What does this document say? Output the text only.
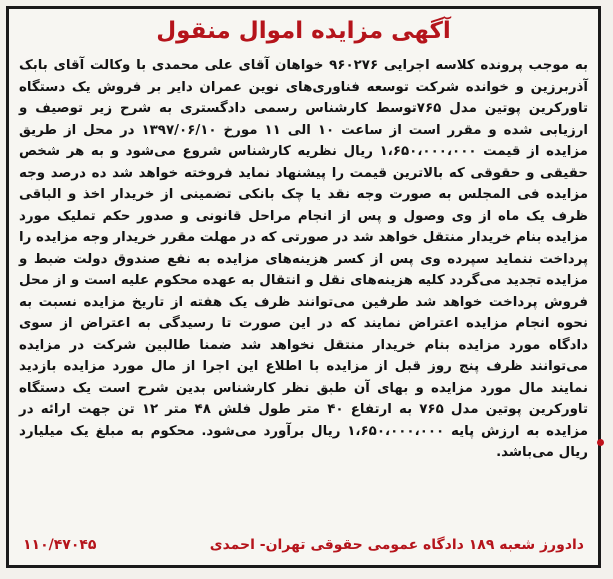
آگهی مزایده اموال منقول
به موجب پرونده کلاسه اجرایی ۹۶۰۲۷۶ خواهان آقای علی محمدی با وکالت آقای بابک آذربرزین و خوانده شرکت توسعه فناوری‌های نوین عمران دایر بر فروش یک دستگاه تاورکرین پوتین مدل ۷۶۵توسط کارشناس رسمی دادگستری به شرح زیر توصیف و ارزیابی شده و مقرر است از ساعت ۱۰ الی ۱۱ مورخ ۱۳۹۷/۰۶/۱۰ در محل از طریق مزایده از قیمت ۱،۶۵۰،۰۰۰،۰۰۰ ریال نظریه کارشناس شروع می‌شود و به هر شخص حقیقی و حقوقی که بالاترین قیمت را پیشنهاد نماید فروخته خواهد شد ده درصد وجه مزایده فی المجلس به صورت وجه نقد یا چک بانکی تضمینی از خریدار اخذ و الباقی ظرف یک ماه از وی وصول و پس از انجام مراحل قانونی و صدور حکم تملیک مورد مزایده بنام خریدار منتقل خواهد شد در صورتی که در مهلت مقرر خریدار وجه مزایده را پرداخت ننماید سپرده وی پس از کسر هزینه‌های مزایده به نفع صندوق دولت ضبط و مزایده تجدید می‌گردد کلیه هزینه‌های نقل و انتقال به عهده محکوم علیه است و از محل فروش پرداخت خواهد شد طرفین می‌توانند ظرف یک هفته از تاریخ مزایده نسبت به نحوه انجام مزایده اعتراض نمایند که در این صورت تا رسیدگی به اعتراض از سوی دادگاه مورد مزایده بنام خریدار منتقل نخواهد شد ضمنا طالبین شرکت در مزایده می‌توانند ظرف پنج روز قبل از مزایده با اطلاع این اجرا از مال مورد مزایده بازدید نمایند مال مورد مزایده و بهای آن طبق نظر کارشناس بدین شرح است یک دستگاه تاورکرین پوتین مدل ۷۶۵ به ارتفاع ۴۰ متر طول فلش ۴۸ متر ۱۲ تن جهت ارائه در مزایده به ارزش پایه ۱،۶۵۰،۰۰۰،۰۰۰ ریال برآورد می‌شود. محکوم به مبلغ یک میلیارد ریال می‌باشد.
دادورز شعبه ۱۸۹ دادگاه عمومی حقوقی تهران- احمدی
۱۱۰/۴۷۰۴۵
